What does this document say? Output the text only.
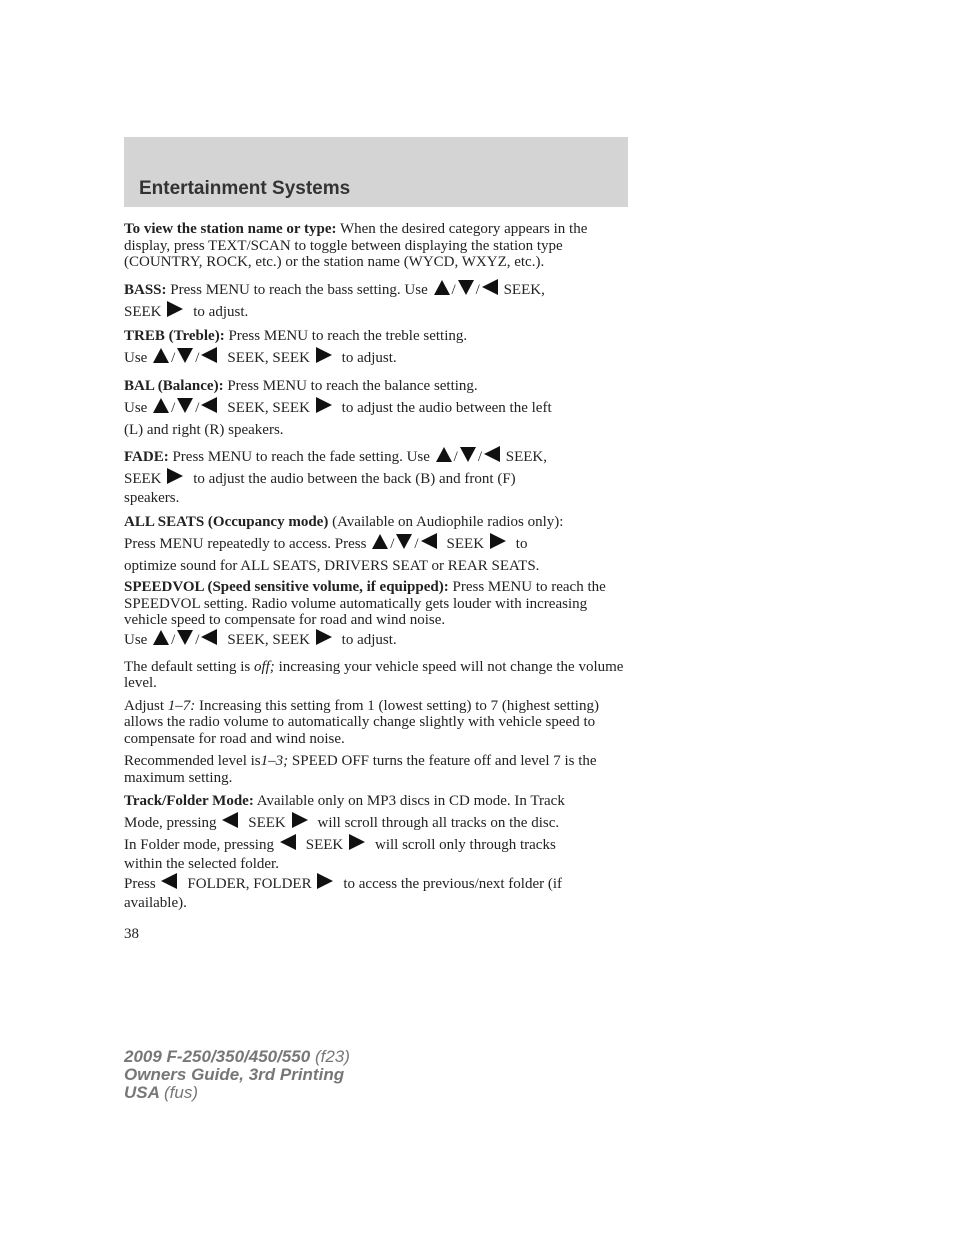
Entertainment Systems

To view the station name or type: When the desired category appears in the display, press TEXT/SCAN to toggle between displaying the station type (COUNTRY, ROCK, etc.) or the station name (WYCD, WXYZ, etc.).

BASS: Press MENU to reach the bass setting. Use / / SEEK,
SEEK to adjust.
TREB (Treble): Press MENU to reach the treble setting.
Use / / SEEK, SEEK to adjust.
BAL (Balance): Press MENU to reach the balance setting.
Use / / SEEK, SEEK to adjust the audio between the left
(L) and right (R) speakers.
FADE: Press MENU to reach the fade setting. Use / / SEEK,
SEEK to adjust the audio between the back (B) and front (F)

speakers.

ALL SEATS (Occupancy mode) (Available on Audiophile radios only):
Press MENU repeatedly to access. Press / / SEEK to
optimize sound for ALL SEATS, DRIVERS SEAT or REAR SEATS.

SPEEDVOL (Speed sensitive volume, if equipped): Press MENU to reach the SPEEDVOL setting. Radio volume automatically gets louder with increasing vehicle speed to compensate for road and wind noise.

Use / / SEEK, SEEK to adjust.

The default setting is off; increasing your vehicle speed will not change the volume level.

Adjust 1–7: Increasing this setting from 1 (lowest setting) to 7 (highest setting) allows the radio volume to automatically change slightly with vehicle speed to compensate for road and wind noise.

Recommended level is1–3; SPEED OFF turns the feature off and level 7 is the maximum setting.

Track/Folder Mode: Available only on MP3 discs in CD mode. In Track
Mode, pressing SEEK will scroll through all tracks on the disc.
In Folder mode, pressing SEEK will scroll only through tracks

within the selected folder.

Press FOLDER, FOLDER to access the previous/next folder (if

available).

38
2009 F-250/350/450/550 (f23)
Owners Guide, 3rd Printing
USA (fus)
